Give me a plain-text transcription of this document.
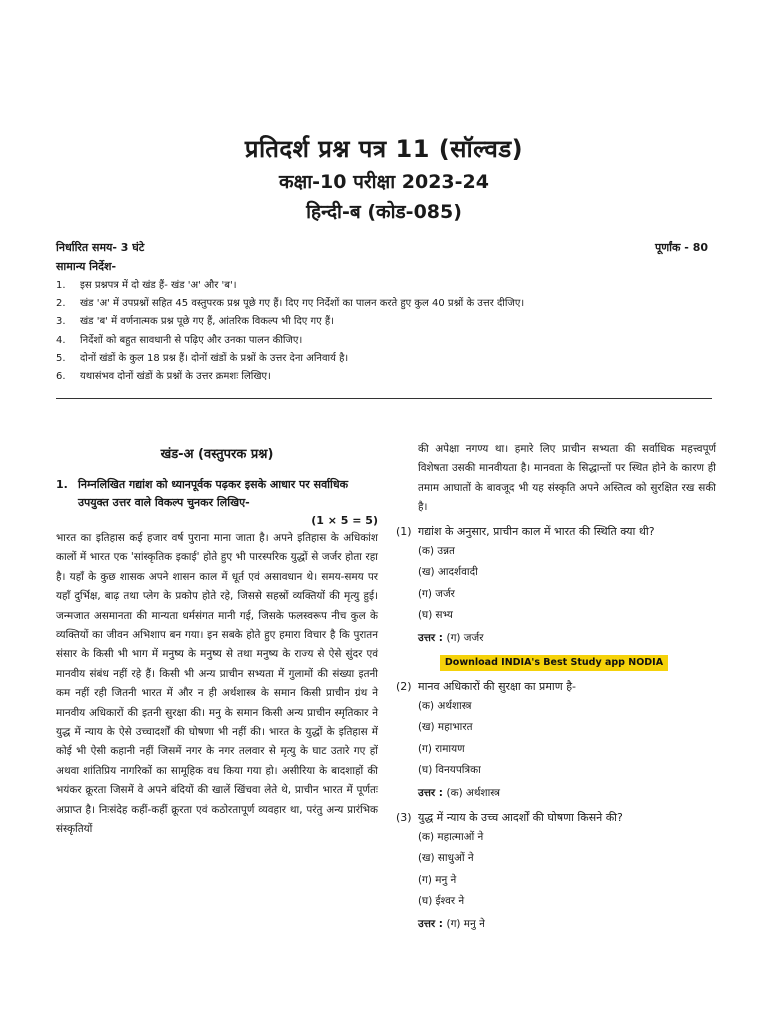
प्रतिदर्श प्रश्न पत्र 11 (सॉल्वड)
कक्षा-10 परीक्षा 2023-24
हिन्दी-ब (कोड-085)
निर्धारित समय- 3 घंटे	पूर्णांक - 80
सामान्य निर्देश-
1.	इस प्रश्नपत्र में दो खंड हैं- खंड 'अ' और 'ब'।
2.	खंड 'अ' में उपप्रश्नों सहित 45 वस्तुपरक प्रश्न पूछे गए हैं। दिए गए निर्देशों का पालन करते हुए कुल 40 प्रश्नों के उत्तर दीजिए।
3.	खंड 'ब' में वर्णनात्मक प्रश्न पूछे गए हैं, आंतरिक विकल्प भी दिए गए हैं।
4.	निर्देशों को बहुत सावधानी से पढ़िए और उनका पालन कीजिए।
5.	दोनों खंडों के कुल 18 प्रश्न हैं। दोनों खंडों के प्रश्नों के उत्तर देना अनिवार्य है।
6.	यथासंभव दोनों खंडों के प्रश्नों के उत्तर क्रमशः लिखिए।
खंड-अ (वस्तुपरक प्रश्न)
1. निम्नलिखित गद्यांश को ध्यानपूर्वक पढ़कर इसके आधार पर सर्वाधिक उपयुक्त उत्तर वाले विकल्प चुनकर लिखिए-
(1 × 5 = 5)

भारत का इतिहास कई हजार वर्ष पुराना माना जाता है। अपने इतिहास के अधिकांश कालों में भारत एक 'सांस्कृतिक इकाई' होते हुए भी पारस्परिक युद्धों से जर्जर होता रहा है। यहाँ के कुछ शासक अपने शासन काल में धूर्त एवं असावधान थे। समय-समय पर यहाँ दुर्भिक्ष, बाढ़ तथा प्लेग के प्रकोप होते रहे, जिससे सहस्रों व्यक्तियों की मृत्यु हुई। जन्मजात असमानता की मान्यता धर्मसंगत मानी गई, जिसके फलस्वरूप नीच कुल के व्यक्तियों का जीवन अभिशाप बन गया। इन सबके होते हुए हमारा विचार है कि पुरातन संसार के किसी भी भाग में मनुष्य के मनुष्य से तथा मनुष्य के राज्य से ऐसे सुंदर एवं मानवीय संबंध नहीं रहे हैं। किसी भी अन्य प्राचीन सभ्यता में गुलामों की संख्या इतनी कम नहीं रही जितनी भारत में और न ही अर्थशास्त्र के समान किसी प्राचीन ग्रंथ ने मानवीय अधिकारों की इतनी सुरक्षा की। मनु के समान किसी अन्य प्राचीन स्मृतिकार ने युद्ध में न्याय के ऐसे उच्चादर्शों की घोषणा भी नहीं की। भारत के युद्धों के इतिहास में कोई भी ऐसी कहानी नहीं जिसमें नगर के नगर तलवार से मृत्यु के घाट उतारे गए हों अथवा शांतिप्रिय नागरिकों का सामूहिक वध किया गया हो। असीरिया के बादशाहों की भयंकर क्रूरता जिसमें वे अपने बंदियों की खालें खिंचवा लेते थे, प्राचीन भारत में पूर्णतः अप्राप्त है। निःसंदेह कहीं-कहीं क्रूरता एवं कठोरतापूर्ण व्यवहार था, परंतु अन्य प्रारंभिक संस्कृतियों

की अपेक्षा नगण्य था। हमारे लिए प्राचीन सभ्यता की सर्वाधिक महत्त्वपूर्ण विशेषता उसकी मानवीयता है। मानवता के सिद्धान्तों पर स्थित होने के कारण ही तमाम आघातों के बावजूद भी यह संस्कृति अपने अस्तित्व को सुरक्षित रख सकी है।

(1) गद्यांश के अनुसार, प्राचीन काल में भारत की स्थिति क्या थी?
(क) उन्नत
(ख) आदर्शवादी
(ग) जर्जर
(घ) सभ्य
उत्तर : (ग) जर्जर
Download INDIA's Best Study app NODIA
(2) मानव अधिकारों की सुरक्षा का प्रमाण है-
(क) अर्थशास्त्र
(ख) महाभारत
(ग) रामायण
(घ) विनयपत्रिका
उत्तर : (क) अर्थशास्त्र
(3) युद्ध में न्याय के उच्च आदर्शों की घोषणा किसने की?
(क) महात्माओं ने
(ख) साधुओं ने
(ग) मनु ने
(घ) ईश्वर ने
उत्तर : (ग) मनु ने
